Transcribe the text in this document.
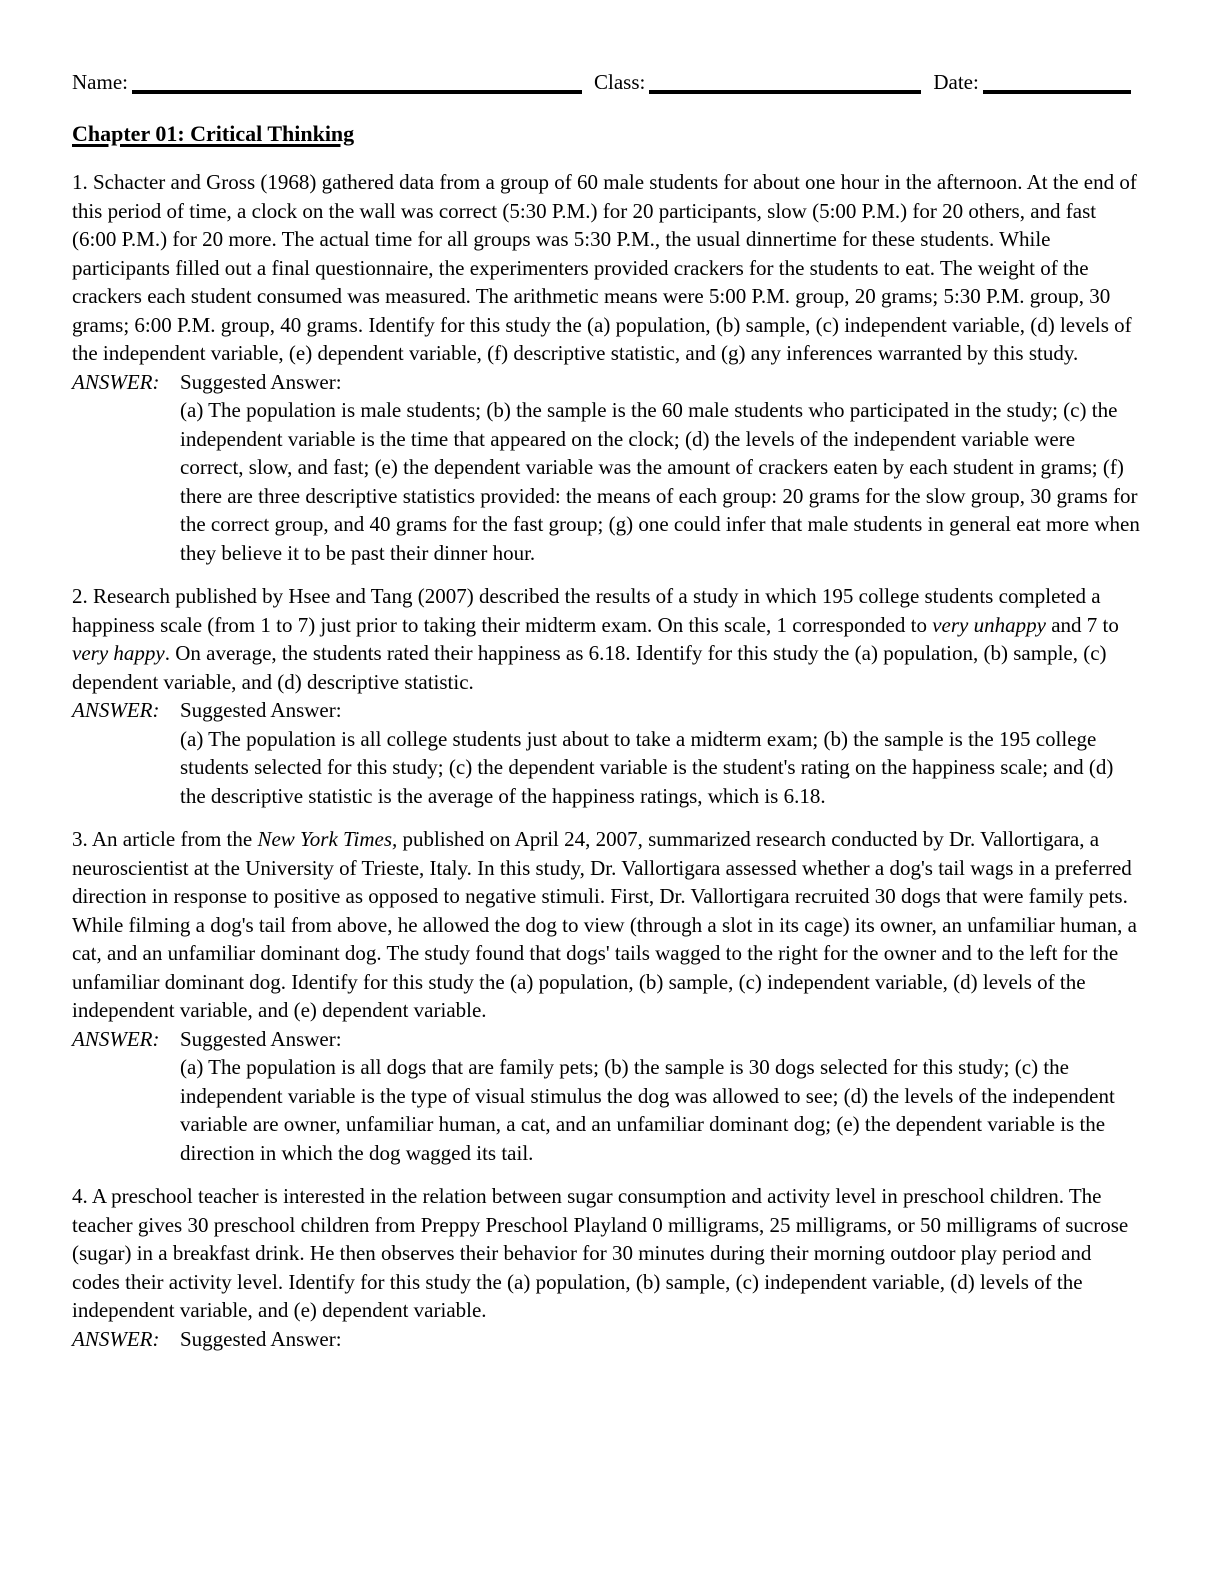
Name:	Class:	Date:
Chapter 01: Critical Thinking

1. Schacter and Gross (1968) gathered data from a group of 60 male students for about one hour in the afternoon. At the end of this period of time, a clock on the wall was correct (5:30 P.M.) for 20 participants, slow (5:00 P.M.) for 20 others, and fast (6:00 P.M.) for 20 more. The actual time for all groups was 5:30 P.M., the usual dinnertime for these students. While participants filled out a final questionnaire, the experimenters provided crackers for the students to eat. The weight of the crackers each student consumed was measured. The arithmetic means were 5:00 P.M. group, 20 grams; 5:30 P.M. group, 30 grams; 6:00 P.M. group, 40 grams. Identify for this study the (a) population, (b) sample, (c) independent variable, (d) levels of the independent variable, (e) dependent variable, (f) descriptive statistic, and (g) any inferences warranted by this study.

ANSWER: Suggested Answer:
(a) The population is male students; (b) the sample is the 60 male students who participated in the study; (c) the independent variable is the time that appeared on the clock; (d) the levels of the independent variable were correct, slow, and fast; (e) the dependent variable was the amount of crackers eaten by each student in grams; (f) there are three descriptive statistics provided: the means of each group: 20 grams for the slow group, 30 grams for the correct group, and 40 grams for the fast group; (g) one could infer that male students in general eat more when they believe it to be past their dinner hour.

2. Research published by Hsee and Tang (2007) described the results of a study in which 195 college students completed a happiness scale (from 1 to 7) just prior to taking their midterm exam. On this scale, 1 corresponded to very unhappy and 7 to very happy. On average, the students rated their happiness as 6.18. Identify for this study the (a) population, (b) sample, (c) dependent variable, and (d) descriptive statistic.

ANSWER: Suggested Answer:
(a) The population is all college students just about to take a midterm exam; (b) the sample is the 195 college students selected for this study; (c) the dependent variable is the student's rating on the happiness scale; and (d) the descriptive statistic is the average of the happiness ratings, which is 6.18.

3. An article from the New York Times, published on April 24, 2007, summarized research conducted by Dr. Vallortigara, a neuroscientist at the University of Trieste, Italy. In this study, Dr. Vallortigara assessed whether a dog's tail wags in a preferred direction in response to positive as opposed to negative stimuli. First, Dr. Vallortigara recruited 30 dogs that were family pets. While filming a dog's tail from above, he allowed the dog to view (through a slot in its cage) its owner, an unfamiliar human, a cat, and an unfamiliar dominant dog. The study found that dogs' tails wagged to the right for the owner and to the left for the unfamiliar dominant dog. Identify for this study the (a) population, (b) sample, (c) independent variable, (d) levels of the independent variable, and (e) dependent variable.

ANSWER: Suggested Answer:
(a) The population is all dogs that are family pets; (b) the sample is 30 dogs selected for this study; (c) the independent variable is the type of visual stimulus the dog was allowed to see; (d) the levels of the independent variable are owner, unfamiliar human, a cat, and an unfamiliar dominant dog; (e) the dependent variable is the direction in which the dog wagged its tail.

4. A preschool teacher is interested in the relation between sugar consumption and activity level in preschool children. The teacher gives 30 preschool children from Preppy Preschool Playland 0 milligrams, 25 milligrams, or 50 milligrams of sucrose (sugar) in a breakfast drink. He then observes their behavior for 30 minutes during their morning outdoor play period and codes their activity level. Identify for this study the (a) population, (b) sample, (c) independent variable, (d) levels of the independent variable, and (e) dependent variable.

ANSWER: Suggested Answer:
